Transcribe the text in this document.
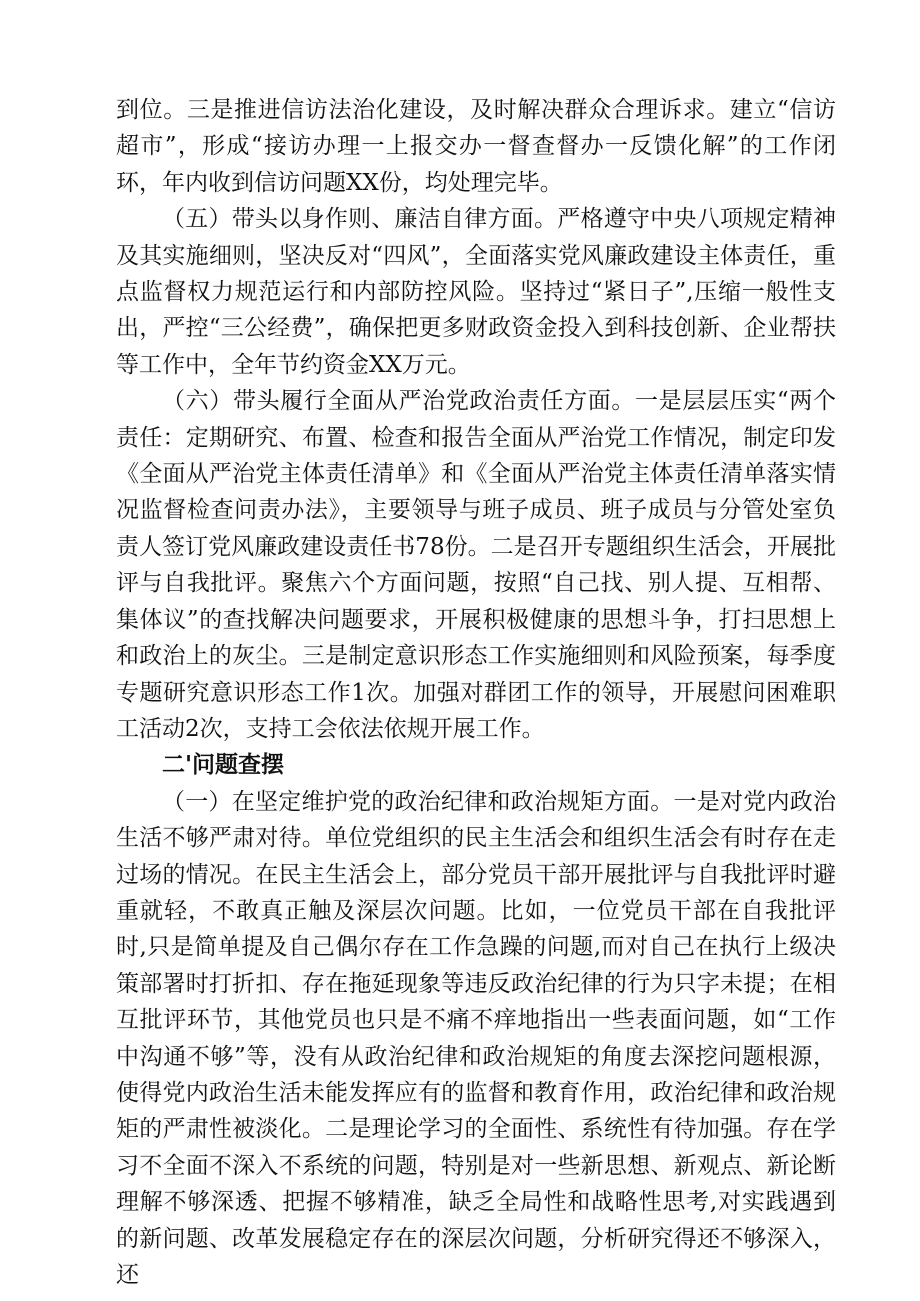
到位。三是推进信访法治化建设，及时解决群众合理诉求。建立“信访超市”，形成“接访办理一上报交办一督查督办一反馈化解”的工作闭环，年内收到信访问题XX份，均处理完毕。

（五）带头以身作则、廉洁自律方面。严格遵守中央八项规定精神及其实施细则，坚决反对“四风”，全面落实党风廉政建设主体责任，重点监督权力规范运行和内部防控风险。坚持过“紧日子”,压缩一般性支出，严控“三公经费”，确保把更多财政资金投入到科技创新、企业帮扶等工作中，全年节约资金XX万元。

（六）带头履行全面从严治党政治责任方面。一是层层压实“两个责任：定期研究、布置、检查和报告全面从严治党工作情况，制定印发《全面从严治党主体责任清单》和《全面从严治党主体责任清单落实情况监督检查问责办法》，主要领导与班子成员、班子成员与分管处室负责人签订党风廉政建设责任书78份。二是召开专题组织生活会，开展批评与自我批评。聚焦六个方面问题，按照“自己找、别人提、互相帮、集体议”的查找解决问题要求，开展积极健康的思想斗争，打扫思想上和政治上的灰尘。三是制定意识形态工作实施细则和风险预案，每季度专题研究意识形态工作1次。加强对群团工作的领导，开展慰问困难职工活动2次，支持工会依法依规开展工作。

二'问题查摆

（一）在坚定维护党的政治纪律和政治规矩方面。一是对党内政治生活不够严肃对待。单位党组织的民主生活会和组织生活会有时存在走过场的情况。在民主生活会上，部分党员干部开展批评与自我批评时避重就轻，不敢真正触及深层次问题。比如，一位党员干部在自我批评时,只是简单提及自己偶尔存在工作急躁的问题,而对自己在执行上级决策部署时打折扣、存在拖延现象等违反政治纪律的行为只字未提；在相互批评环节，其他党员也只是不痛不痒地指出一些表面问题，如“工作中沟通不够”等，没有从政治纪律和政治规矩的角度去深挖问题根源，使得党内政治生活未能发挥应有的监督和教育作用，政治纪律和政治规矩的严肃性被淡化。二是理论学习的全面性、系统性有待加强。存在学习不全面不深入不系统的问题，特别是对一些新思想、新观点、新论断理解不够深透、把握不够精准，缺乏全局性和战略性思考,对实践遇到的新问题、改革发展稳定存在的深层次问题，分析研究得还不够深入，还
